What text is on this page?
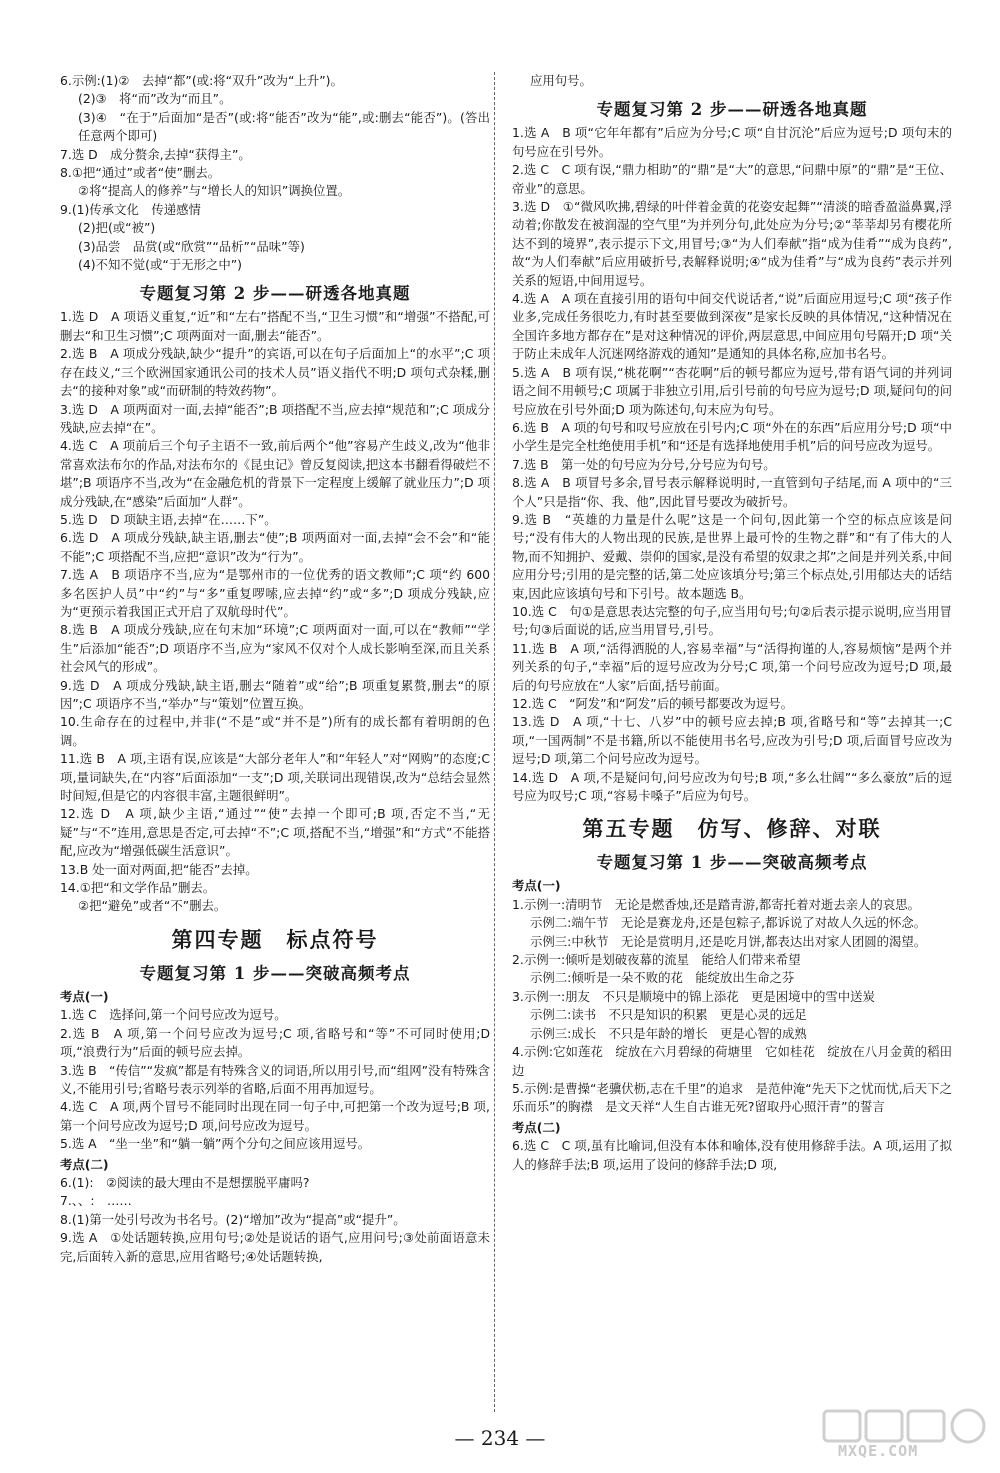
6.示例:(1)②　去掉“都”(或:将“双升”改为“上升”)。

(2)③　将“而”改为“而且”。

(3)④　“在于”后面加“是否”(或:将“能否”改为“能”,或:删去“能否”)。(答出任意两个即可)

7.选 D　成分赘余,去掉“获得主”。

8.①把“通过”或者“使”删去。

②将“提高人的修养”与“增长人的知识”调换位置。

9.(1)传承文化　传递感情

(2)把(或“被”)

(3)品尝　品赏(或“欣赏”“品析”“品味”等)

(4)不知不觉(或“于无形之中”)

专题复习第 2 步——研透各地真题

1.选 D　A 项语义重复,“近”和“左右”搭配不当,“卫生习惯”和“增强”不搭配,可删去“和卫生习惯”;C 项两面对一面,删去“能否”。

2.选 B　A 项成分残缺,缺少“提升”的宾语,可以在句子后面加上“的水平”;C 项存在歧义,“三个欧洲国家通讯公司的技术人员”语义指代不明;D 项句式杂糅,删去“的接种对象”或“而研制的特效药物”。

3.选 D　A 项两面对一面,去掉“能否”;B 项搭配不当,应去掉“规范和”;C 项成分残缺,应去掉“在”。

4.选 C　A 项前后三个句子主语不一致,前后两个“他”容易产生歧义,改为“他非常喜欢法布尔的作品,对法布尔的《昆虫记》曾反复阅读,把这本书翻看得破烂不堪”;B 项语序不当,改为“在金融危机的背景下一定程度上缓解了就业压力”;D 项成分残缺,在“感染”后面加“人群”。

5.选 D　D 项缺主语,去掉“在……下”。

6.选 D　A 项成分残缺,缺主语,删去“使”;B 项两面对一面,去掉“会不会”和“能不能”;C 项搭配不当,应把“意识”改为“行为”。

7.选 A　B 项语序不当,应为“是鄂州市的一位优秀的语文教师”;C 项“约 600 多名医护人员”中“约”与“多”重复啰嗦,应去掉“约”或“多”;D 项成分残缺,应为“更预示着我国正式开启了双航母时代”。

8.选 B　A 项成分残缺,应在句末加“环境”;C 项两面对一面,可以在“教师”“学生”后添加“能否”;D 项语序不当,应为“家风不仅对个人成长影响至深,而且关系社会风气的形成”。

9.选 D　A 项成分残缺,缺主语,删去“随着”或“给”;B 项重复累赘,删去“的原因”;C 项语序不当,“举办”与“策划”位置互换。

10.生命存在的过程中,并非(“不是”或“并不是”)所有的成长都有着明朗的色调。

11.选 B　A 项,主语有误,应该是“大部分老年人”和“年轻人”对“网购”的态度;C 项,量词缺失,在“内容”后面添加“一支”;D 项,关联词出现错误,改为“总结会显然时间短,但是它的内容很丰富,主题很鲜明”。

12.选 D　A 项,缺少主语,“通过”“使”去掉一个即可;B 项,否定不当,“无疑”与“不”连用,意思是否定,可去掉“不”;C 项,搭配不当,“增强”和“方式”不能搭配,应改为“增强低碳生活意识”。

13.B 处一面对两面,把“能否”去掉。

14.①把“和文学作品”删去。

②把“避免”或者“不”删去。

第四专题　标点符号
专题复习第 1 步——突破高频考点
考点(一)

1.选 C　选择问,第一个问号应改为逗号。

2.选 B　A 项,第一个问号应改为逗号;C 项,省略号和“等”不可同时使用;D 项,“浪费行为”后面的顿号应去掉。

3.选 B　“传信”“发疯”都是有特殊含义的词语,所以用引号,而“组网”没有特殊含义,不能用引号;省略号表示列举的省略,后面不用再加逗号。

4.选 C　A 项,两个冒号不能同时出现在同一句子中,可把第一个改为逗号;B 项,第一个问号应改为逗号;D 项,问号应改为逗号。

5.选 A　“坐一坐”和“躺一躺”两个分句之间应该用逗号。

考点(二)

6.(1):　②阅读的最大理由不是想摆脱平庸吗?

7.、、:　……

8.(1)第一处引号改为书名号。(2)“增加”改为“提高”或“提升”。

9.选 A　①处话题转换,应用句号;②处是说话的语气,应用问号;③处前面语意未完,后面转入新的意思,应用省略号;④处话题转换,

应用句号。

专题复习第 2 步——研透各地真题

1.选 A　B 项“它年年都有”后应为分号;C 项“自甘沉沦”后应为逗号;D 项句末的句号应在引号外。

2.选 C　C 项有误,“鼎力相助”的“鼎”是“大”的意思,“问鼎中原”的“鼎”是“王位、帝业”的意思。

3.选 D　①“微风吹拂,碧绿的叶伴着金黄的花姿安起舞”“清淡的暗香盈溢鼻翼,浮动着;你散发在被润湿的空气里”为并列分句,此处应为分号;②“莘莘却另有樱花所达不到的境界”,表示提示下文,用冒号;③“为人们奉献”指“成为佳肴”“成为良药”,故“为人们奉献”后应用破折号,表解释说明;④“成为佳肴”与“成为良药”表示并列关系的短语,中间用逗号。

4.选 A　A 项在直接引用的语句中间交代说话者,“说”后面应用逗号;C 项“孩子作业多,完成任务很吃力,有时甚至要做到深夜”是家长反映的具体情况,“这种情况在全国许多地方都存在”是对这种情况的评价,两层意思,中间应用句号隔开;D 项“关于防止未成年人沉迷网络游戏的通知”是通知的具体名称,应加书名号。

5.选 A　B 项有误,“桃花啊”“杏花啊”后的顿号都应为逗号,带有语气词的并列词语之间不用顿号;C 项属于非独立引用,后引号前的句号应为逗号;D 项,疑问句的问号应放在引号外面;D 项为陈述句,句末应为句号。

6.选 B　A 项的句号和叹号应放在引号内;C 项“外在的东西”后应用分号;D 项“中小学生是完全杜绝使用手机”和“还是有选择地使用手机”后的问号应改为逗号。

7.选 B　第一处的句号应为分号,分号应为句号。

8.选 A　B 项冒号多余,冒号表示解释说明时,一直管到句子结尾,而 A 项中的“三个人”只是指“你、我、他”,因此冒号要改为破折号。

9.选 B　“英雄的力量是什么呢”这是一个问句,因此第一个空的标点应该是问号;“没有伟大的人物出现的民族,是世界上最可怜的生物之群”和“有了伟大的人物,而不知拥护、爱戴、崇仰的国家,是没有希望的奴隶之邦”之间是并列关系,中间应用分号;引用的是完整的话,第二处应该填分号;第三个标点处,引用郁达夫的话结束,因此应该填句号和下引号。故本题选 B。

10.选 C　句①是意思表达完整的句子,应当用句号;句②后表示提示说明,应当用冒号;句③后面说的话,应当用冒号,引号。

11.选 B　A 项,“活得洒脱的人,容易幸福”与“活得拘谨的人,容易烦恼”是两个并列关系的句子,“幸福”后的逗号应改为分号;C 项,第一个问号应改为逗号;D 项,最后的句号应放在“人家”后面,括号前面。

12.选 C　“阿发”和“阿发”后的顿号都要改为逗号。

13.选 D　A 项,“十七、八岁”中的顿号应去掉;B 项,省略号和“等”去掉其一;C 项,“一国两制”不是书籍,所以不能使用书名号,应改为引号;D 项,后面冒号应改为逗号;D 项,第二个问号应改为逗号。

14.选 D　A 项,不是疑问句,问号应改为句号;B 项,“多么壮阔”“多么豪放”后的逗号应为叹号;C 项,“容易卡嗓子”后应为句号。

第五专题　仿写、修辞、对联
专题复习第 1 步——突破高频考点
考点(一)

1.示例一:清明节　无论是燃香烛,还是踏青游,都寄托着对逝去亲人的哀思。

示例二:端午节　无论是赛龙舟,还是包粽子,都诉说了对故人久远的怀念。

示例三:中秋节　无论是赏明月,还是吃月饼,都表达出对家人团圆的渴望。

2.示例一:倾听是划破夜幕的流星　能给人们带来希望

示例二:倾听是一朵不败的花　能绽放出生命之芬

3.示例一:朋友　不只是顺境中的锦上添花　更是困境中的雪中送炭

示例二:读书　不只是知识的积累　更是心灵的远足

示例三:成长　不只是年龄的增长　更是心智的成熟

4.示例:它如莲花　绽放在六月碧绿的荷塘里　它如桂花　绽放在八月金黄的稻田边

5.示例:是曹操“老骥伏枥,志在千里”的追求　是范仲淹“先天下之忧而忧,后天下之乐而乐”的胸襟　是文天祥“人生自古谁无死?留取丹心照汗青”的誓言

考点(二)

6.选 C　C 项,虽有比喻词,但没有本体和喻体,没有使用修辞手法。A 项,运用了拟人的修辞手法;B 项,运用了设问的修辞手法;D 项,

— 234 —
MXQE.COM
